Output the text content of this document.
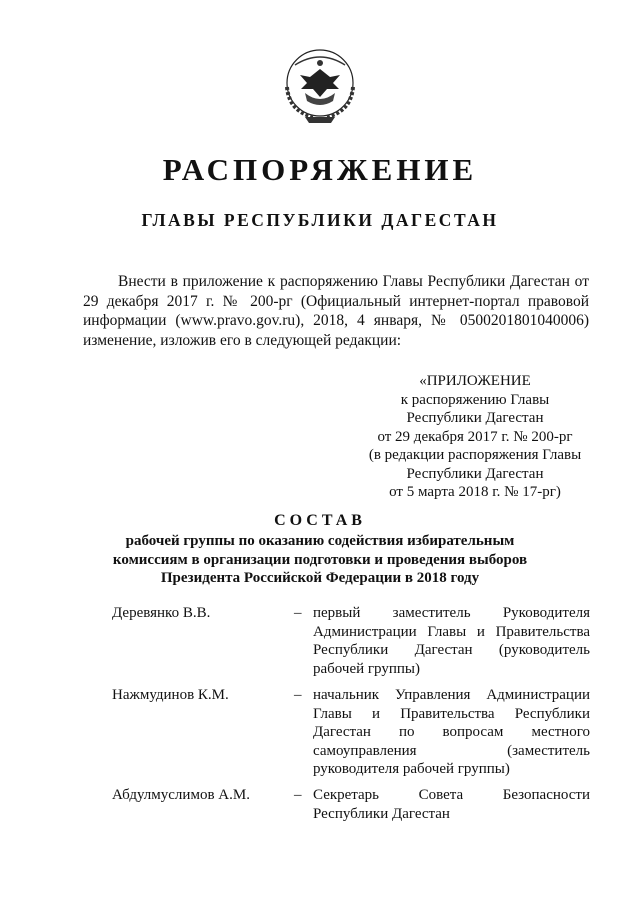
РАСПОРЯЖЕНИЕ
ГЛАВЫ РЕСПУБЛИКИ ДАГЕСТАН

Внести в приложение к распоряжению Главы Республики Дагестан от 29 декабря 2017 г. № 200-рг (Официальный интернет-портал правовой информации (www.pravo.gov.ru), 2018, 4 января, № 0500201801040006) изменение, изложив его в следующей редакции:

«ПРИЛОЖЕНИЕ
к распоряжению Главы
Республики Дагестан
от 29 декабря 2017 г. № 200-рг
(в редакции распоряжения Главы
Республики Дагестан
от 5 марта 2018 г. № 17-рг)
СОСТАВ
рабочей группы по оказанию содействия избирательным
комиссиям в организации подготовки и проведения выборов
Президента Российской Федерации в 2018 году
Деревянко В.В.	– первый заместитель Руководителя Администрации Главы и Правительства Республики Дагестан (руководитель рабочей группы)
Нажмудинов К.М.	– начальник Управления Администрации Главы и Правительства Республики Дагестан по вопросам местного самоуправления (заместитель руководителя рабочей группы)
Абдулмуслимов А.М.	– Секретарь Совета Безопасности Республики Дагестан
